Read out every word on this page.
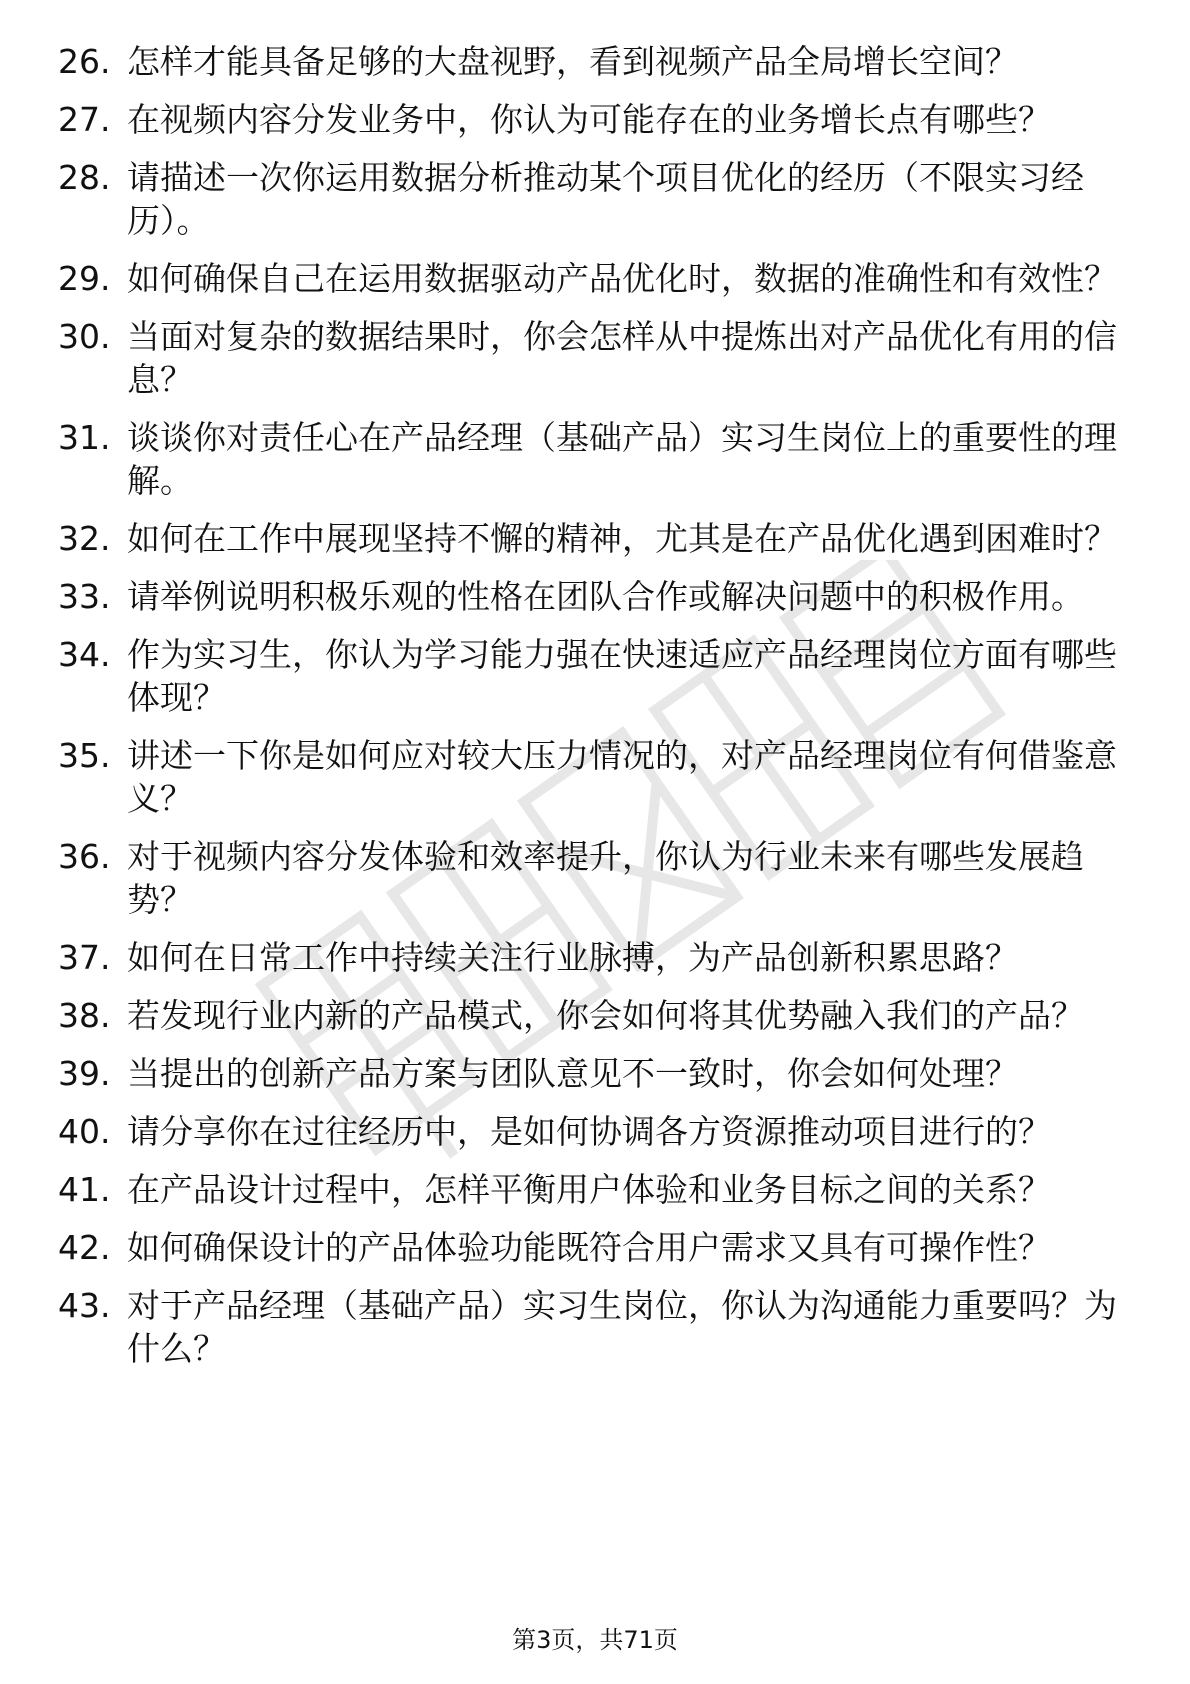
26. 怎样才能具备足够的大盘视野，看到视频产品全局增长空间？
27. 在视频内容分发业务中，你认为可能存在的业务增长点有哪些？
28. 请描述一次你运用数据分析推动某个项目优化的经历（不限实习经历）。
29. 如何确保自己在运用数据驱动产品优化时，数据的准确性和有效性？
30. 当面对复杂的数据结果时，你会怎样从中提炼出对产品优化有用的信息？
31. 谈谈你对责任心在产品经理（基础产品）实习生岗位上的重要性的理解。
32. 如何在工作中展现坚持不懈的精神，尤其是在产品优化遇到困难时？
33. 请举例说明积极乐观的性格在团队合作或解决问题中的积极作用。
34. 作为实习生，你认为学习能力强在快速适应产品经理岗位方面有哪些体现？
35. 讲述一下你是如何应对较大压力情况的，对产品经理岗位有何借鉴意义？
36. 对于视频内容分发体验和效率提升，你认为行业未来有哪些发展趋势？
37. 如何在日常工作中持续关注行业脉搏，为产品创新积累思路？
38. 若发现行业内新的产品模式，你会如何将其优势融入我们的产品？
39. 当提出的创新产品方案与团队意见不一致时，你会如何处理？
40. 请分享你在过往经历中，是如何协调各方资源推动项目进行的？
41. 在产品设计过程中，怎样平衡用户体验和业务目标之间的关系？
42. 如何确保设计的产品体验功能既符合用户需求又具有可操作性？
43. 对于产品经理（基础产品）实习生岗位，你认为沟通能力重要吗？为什么？
第3页，共71页
